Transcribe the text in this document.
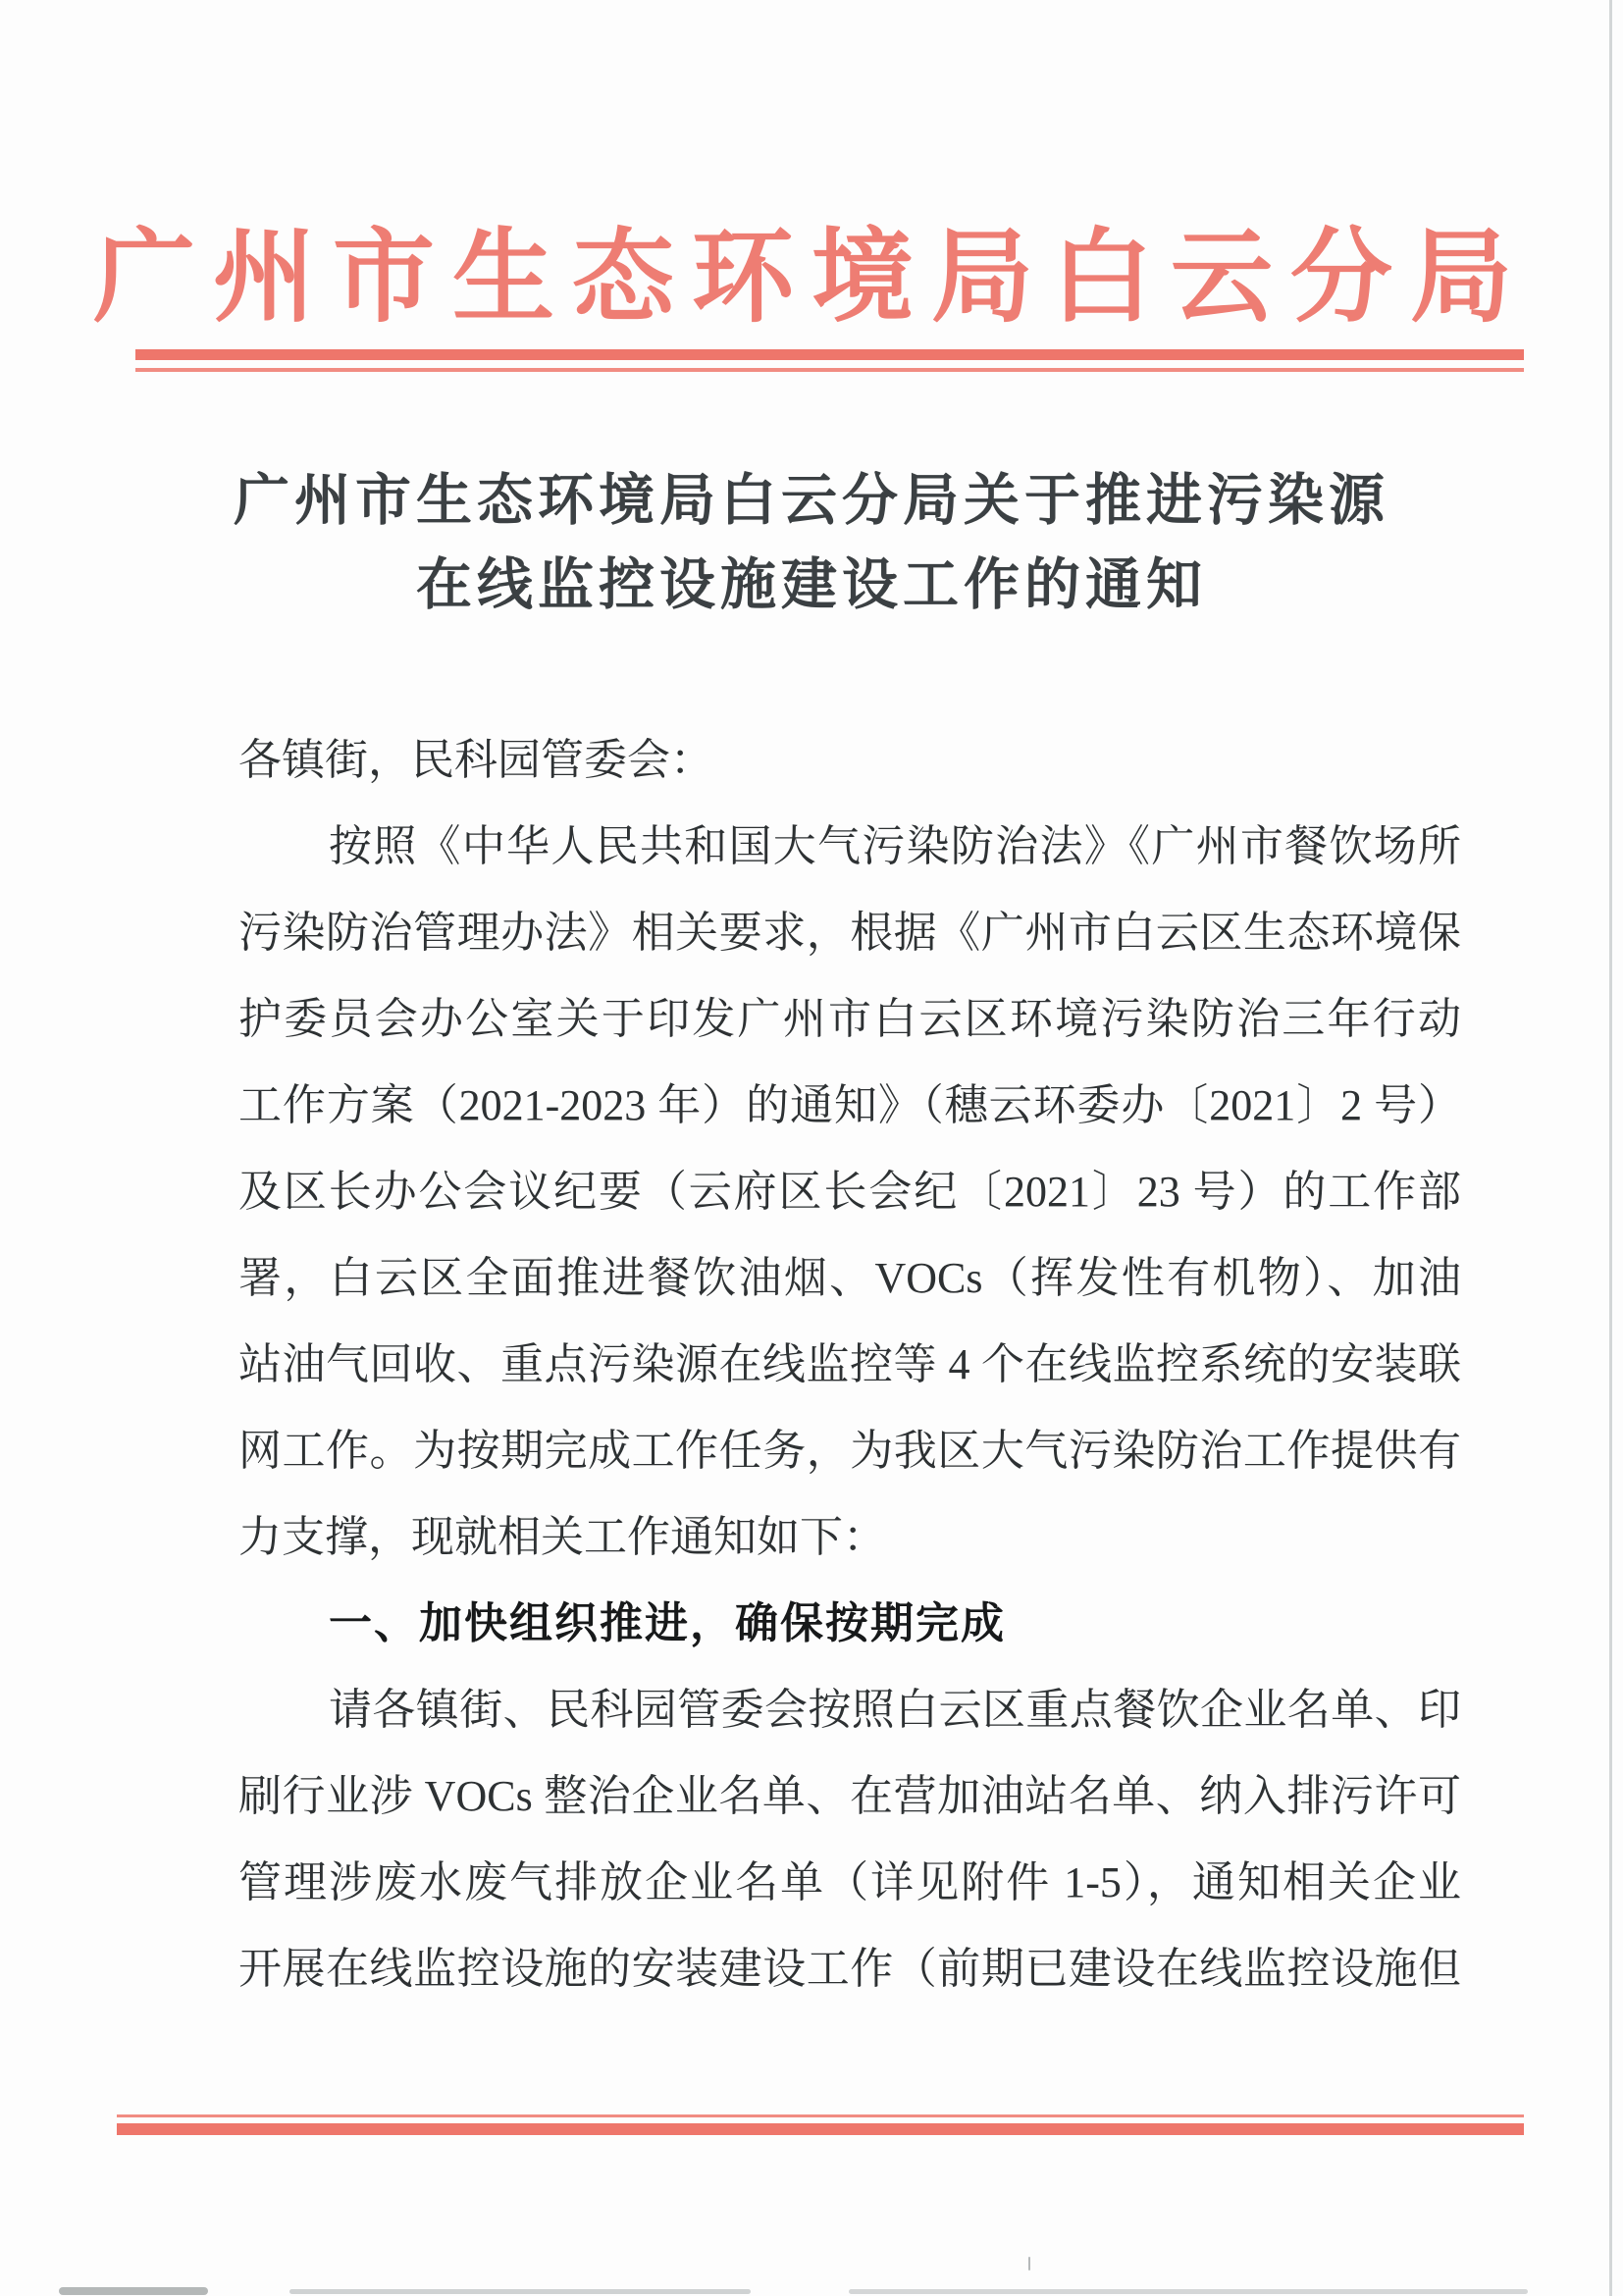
广州市生态环境局白云分局
广州市生态环境局白云分局关于推进污染源
在线监控设施建设工作的通知
各镇街，民科园管委会：
按照《中华人民共和国大气污染防治法》《广州市餐饮场所
污染防治管理办法》相关要求，根据《广州市白云区生态环境保
护委员会办公室关于印发广州市白云区环境污染防治三年行动
工作方案（2021-2023 年）的通知》（穗云环委办〔2021〕2 号）
及区长办公会议纪要（云府区长会纪〔2021〕23 号）的工作部
署，白云区全面推进餐饮油烟、VOCs（挥发性有机物）、加油
站油气回收、重点污染源在线监控等 4 个在线监控系统的安装联
网工作。为按期完成工作任务，为我区大气污染防治工作提供有
力支撑，现就相关工作通知如下：
一、加快组织推进，确保按期完成
请各镇街、民科园管委会按照白云区重点餐饮企业名单、印
刷行业涉 VOCs 整治企业名单、在营加油站名单、纳入排污许可
管理涉废水废气排放企业名单（详见附件 1-5），通知相关企业
开展在线监控设施的安装建设工作（前期已建设在线监控设施但
